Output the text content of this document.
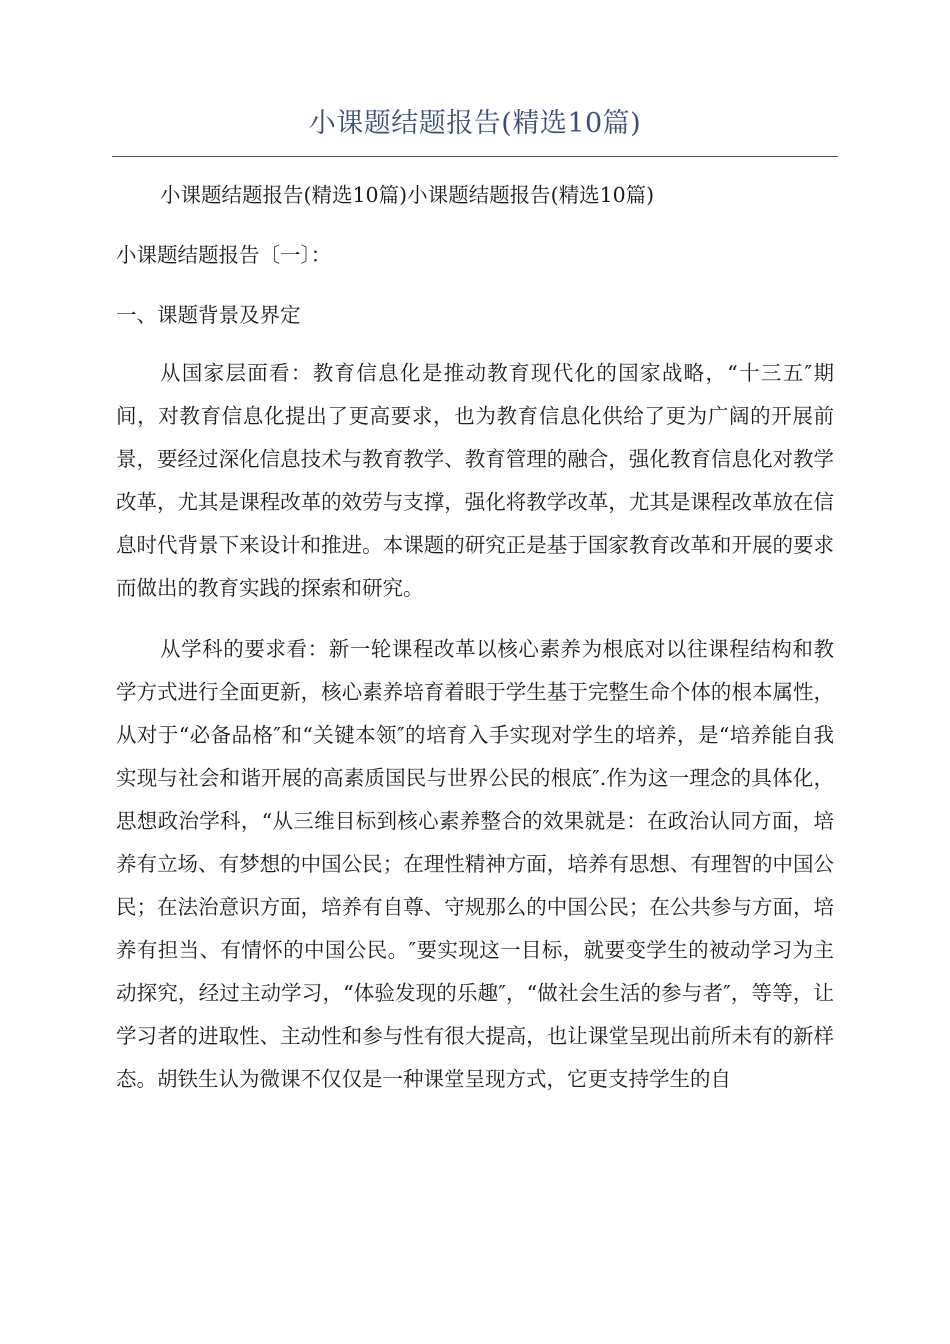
小课题结题报告(精选10篇)

小课题结题报告(精选10篇)小课题结题报告(精选10篇)

小课题结题报告〔一〕：

一、课题背景及界定

从国家层面看：教育信息化是推动教育现代化的国家战略，“十三五″期间，对教育信息化提出了更高要求，也为教育信息化供给了更为广阔的开展前景，要经过深化信息技术与教育教学、教育管理的融合，强化教育信息化对教学改革，尤其是课程改革的效劳与支撑，强化将教学改革，尤其是课程改革放在信息时代背景下来设计和推进。本课题的研究正是基于国家教育改革和开展的要求而做出的教育实践的探索和研究。

从学科的要求看：新一轮课程改革以核心素养为根底对以往课程结构和教学方式进行全面更新，核心素养培育着眼于学生基于完整生命个体的根本属性，从对于“必备品格″和“关键本领″的培育入手实现对学生的培养，是“培养能自我实现与社会和谐开展的高素质国民与世界公民的根底″.作为这一理念的具体化，思想政治学科，“从三维目标到核心素养整合的效果就是：在政治认同方面，培养有立场、有梦想的中国公民；在理性精神方面，培养有思想、有理智的中国公民；在法治意识方面，培养有自尊、守规那么的中国公民；在公共参与方面，培养有担当、有情怀的中国公民。″要实现这一目标，就要变学生的被动学习为主动探究，经过主动学习，“体验发现的乐趣″，“做社会生活的参与者″，等等，让学习者的进取性、主动性和参与性有很大提高，也让课堂呈现出前所未有的新样态。胡铁生认为微课不仅仅是一种课堂呈现方式，它更支持学生的自
